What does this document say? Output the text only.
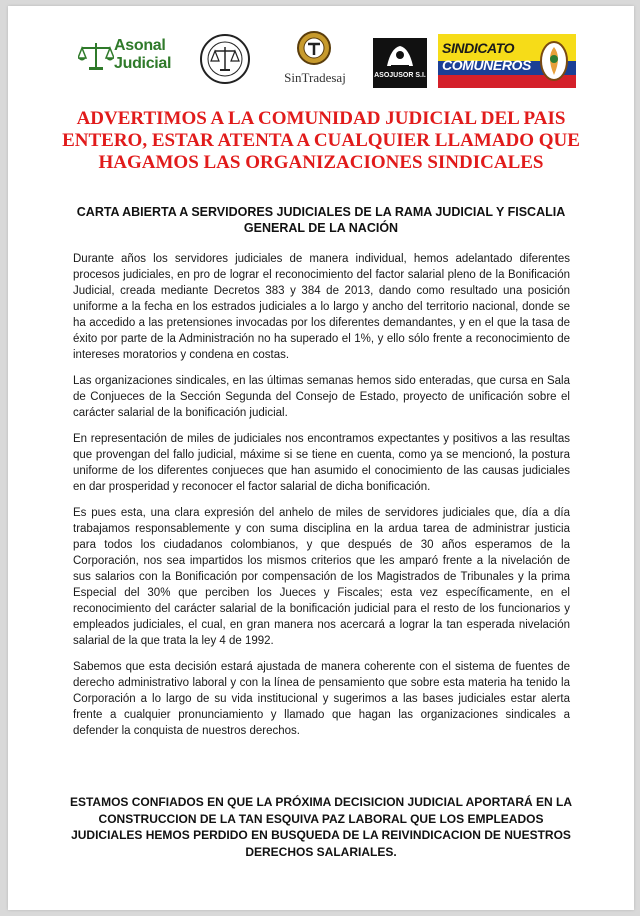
Asonal
Judicial
SinTradesaj	ASOJUSOR S.I.
SINDICATO
COMUNEROS
ADVERTIMOS A LA COMUNIDAD JUDICIAL DEL PAIS ENTERO, ESTAR ATENTA A CUALQUIER LLAMADO QUE HAGAMOS LAS ORGANIZACIONES SINDICALES
CARTA ABIERTA A SERVIDORES JUDICIALES DE LA RAMA JUDICIAL Y FISCALIA GENERAL DE LA NACIÓN

Durante años los servidores judiciales de manera individual, hemos adelantado diferentes procesos judiciales, en pro de lograr el reconocimiento del factor salarial pleno de la Bonificación Judicial, creada mediante Decretos 383 y 384 de 2013, dando como resultado una posición uniforme a la fecha en los estrados judiciales a lo largo y ancho del territorio nacional, donde se ha accedido a las pretensiones invocadas por los diferentes demandantes, y en el que la tasa de éxito por parte de la Administración no ha superado el 1%, y ello sólo frente a reconocimiento de intereses moratorios y condena en costas.

Las organizaciones sindicales, en las últimas semanas hemos sido enteradas, que cursa en Sala de Conjueces de la Sección Segunda del Consejo de Estado, proyecto de unificación sobre el carácter salarial de la bonificación judicial.

En representación de miles de judiciales nos encontramos expectantes y positivos a las resultas que provengan del fallo judicial, máxime si se tiene en cuenta, como ya se mencionó, la postura uniforme de los diferentes conjueces que han asumido el conocimiento de las causas judiciales en dar prosperidad y reconocer el factor salarial de dicha bonificación.

Es pues esta, una clara expresión del anhelo de miles de servidores judiciales que, día a día trabajamos responsablemente y con suma disciplina en la ardua tarea de administrar justicia para todos los ciudadanos colombianos, y que después de 30 años esperamos de la Corporación, nos sea impartidos los mismos criterios que les amparó frente a la nivelación de sus salarios con la Bonificación por compensación de los Magistrados de Tribunales y la prima Especial del 30% que perciben los Jueces y Fiscales; esta vez específicamente, en el reconocimiento del carácter salarial de la bonificación judicial para el resto de los funcionarios y empleados judiciales, el cual, en gran manera nos acercará a lograr la tan esperada nivelación salarial de la que trata la ley 4 de 1992.

Sabemos que esta decisión estará ajustada de manera coherente con el sistema de fuentes de derecho administrativo laboral y con la línea de pensamiento que sobre esta materia ha tenido la Corporación a lo largo de su vida institucional y sugerimos a las bases judiciales estar alerta frente a cualquier pronunciamiento y llamado que hagan las organizaciones sindicales a defender la conquista de nuestros derechos.

ESTAMOS CONFIADOS EN QUE LA PRÓXIMA DECISICION JUDICIAL APORTARÁ EN LA CONSTRUCCION DE LA TAN ESQUIVA PAZ LABORAL QUE LOS EMPLEADOS JUDICIALES HEMOS PERDIDO EN BUSQUEDA DE LA REIVINDICACION DE NUESTROS DERECHOS SALARIALES.
